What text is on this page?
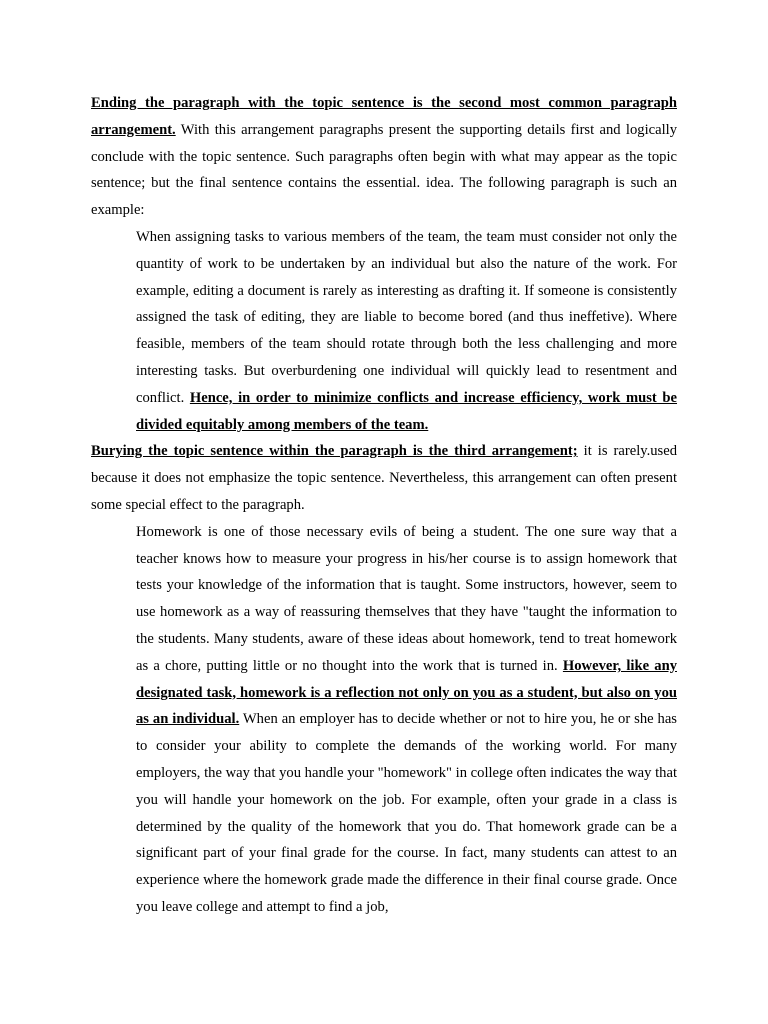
Ending the paragraph with the topic sentence is the second most common paragraph arrangement. With this arrangement paragraphs present the supporting details first and logically conclude with the topic sentence. Such paragraphs often begin with what may appear as the topic sentence; but the final sentence contains the essential. idea. The following paragraph is such an example:

When assigning tasks to various members of the team, the team must consider not only the quantity of work to be undertaken by an individual but also the nature of the work. For example, editing a document is rarely as interesting as drafting it. If someone is consistently assigned the task of editing, they are liable to become bored (and thus ineffetive). Where feasible, members of the team should rotate through both the less challenging and more interesting tasks. But overburdening one individual will quickly lead to resentment and conflict. Hence, in order to minimize conflicts and increase efficiency, work must be divided equitably among members of the team.

Burying the topic sentence within the paragraph is the third arrangement; it is rarely.used because it does not emphasize the topic sentence. Nevertheless, this arrangement can often present some special effect to the paragraph.

Homework is one of those necessary evils of being a student. The one sure way that a teacher knows how to measure your progress in his/her course is to assign homework that tests your knowledge of the information that is taught. Some instructors, however, seem to use homework as a way of reassuring themselves that they have "taught the information to the students. Many students, aware of these ideas about homework, tend to treat homework as a chore, putting little or no thought into the work that is turned in. However, like any designated task, homework is a reflection not only on you as a student, but also on you as an individual. When an employer has to decide whether or not to hire you, he or she has to consider your ability to complete the demands of the working world. For many employers, the way that you handle your "homework" in college often indicates the way that you will handle your homework on the job. For example, often your grade in a class is determined by the quality of the homework that you do. That homework grade can be a significant part of your final grade for the course. In fact, many students can attest to an experience where the homework grade made the difference in their final course grade. Once you leave college and attempt to find a job,
